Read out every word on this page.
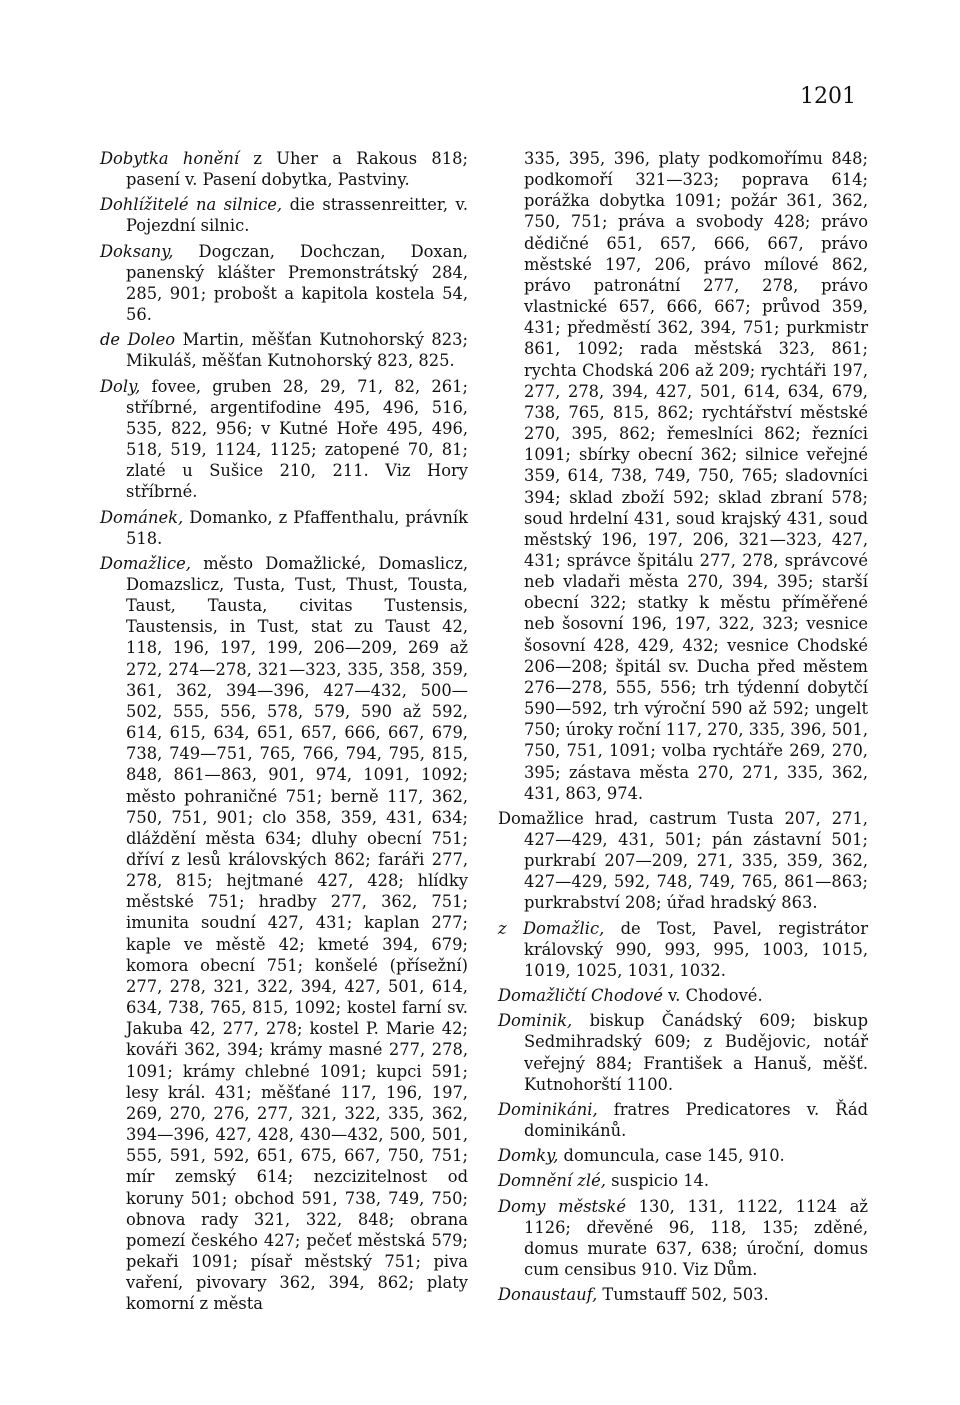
1201

Dobytka honění z Uher a Rakous 818; pasení v. Pasení dobytka, Pastviny.

Dohlížitelé na silnice, die strassenreitter, v. Pojezdní silnic.

Doksany, Dogczan, Dochczan, Doxan, panenský klášter Premonstrátský 284, 285, 901; probošt a kapitola kostela 54, 56.

de Doleo Martin, měšťan Kutnohorský 823; Mikuláš, měšťan Kutnohorský 823, 825.

Doly, fovee, gruben 28, 29, 71, 82, 261; stříbrné, argentifodine 495, 496, 516, 535, 822, 956; v Kutné Hoře 495, 496, 518, 519, 1124, 1125; zatopené 70, 81; zlaté u Sušice 210, 211. Viz Hory stříbrné.

Dománek, Domanko, z Pfaffenthalu, právník 518.

Domažlice, město Domažlické, Domaslicz, Domazslicz, Tusta, Tust, Thust, Tousta, Taust, Tausta, civitas Tustensis, Taustensis, in Tust, stat zu Taust 42, 118, 196, 197, 199, 206—209, 269 až 272, 274—278, 321—323, 335, 358, 359, 361, 362, 394—396, 427—432, 500—502, 555, 556, 578, 579, 590 až 592, 614, 615, 634, 651, 657, 666, 667, 679, 738, 749—751, 765, 766, 794, 795, 815, 848, 861—863, 901, 974, 1091, 1092; město pohraničné 751; berně 117, 362, 750, 751, 901; clo 358, 359, 431, 634; dláždění města 634; dluhy obecní 751; dříví z lesů královských 862; faráři 277, 278, 815; hejtmané 427, 428; hlídky městské 751; hradby 277, 362, 751; imunita soudní 427, 431; kaplan 277; kaple ve městě 42; kmeté 394, 679; komora obecní 751; konšelé (přísežní) 277, 278, 321, 322, 394, 427, 501, 614, 634, 738, 765, 815, 1092; kostel farní sv. Jakuba 42, 277, 278; kostel P. Marie 42; kováři 362, 394; krámy masné 277, 278, 1091; krámy chlebné 1091; kupci 591; lesy král. 431; měšťané 117, 196, 197, 269, 270, 276, 277, 321, 322, 335, 362, 394—396, 427, 428, 430—432, 500, 501, 555, 591, 592, 651, 675, 667, 750, 751; mír zemský 614; nezcizitelnost od koruny 501; obchod 591, 738, 749, 750; obnova rady 321, 322, 848; obrana pomezí českého 427; pečeť městská 579; pekaři 1091; písař městský 751; piva vaření, pivovary 362, 394, 862; platy komorní z města

335, 395, 396, platy podkomořímu 848; podkomoří 321—323; poprava 614; porážka dobytka 1091; požár 361, 362, 750, 751; práva a svobody 428; právo dědičné 651, 657, 666, 667, právo městské 197, 206, právo mílové 862, právo patronátní 277, 278, právo vlastnické 657, 666, 667; průvod 359, 431; předměstí 362, 394, 751; purkmistr 861, 1092; rada městská 323, 861; rychta Chodská 206 až 209; rychtáři 197, 277, 278, 394, 427, 501, 614, 634, 679, 738, 765, 815, 862; rychtářství městské 270, 395, 862; řemeslníci 862; řezníci 1091; sbírky obecní 362; silnice veřejné 359, 614, 738, 749, 750, 765; sladovníci 394; sklad zboží 592; sklad zbraní 578; soud hrdelní 431, soud krajský 431, soud městský 196, 197, 206, 321—323, 427, 431; správce špitálu 277, 278, správcové neb vladaři města 270, 394, 395; starší obecní 322; statky k městu příměřené neb šosovní 196, 197, 322, 323; vesnice šosovní 428, 429, 432; vesnice Chodské 206—208; špitál sv. Ducha před městem 276—278, 555, 556; trh týdenní dobytčí 590—592, trh výroční 590 až 592; ungelt 750; úroky roční 117, 270, 335, 396, 501, 750, 751, 1091; volba rychtáře 269, 270, 395; zástava města 270, 271, 335, 362, 431, 863, 974.

Domažlice hrad, castrum Tusta 207, 271, 427—429, 431, 501; pán zástavní 501; purkrabí 207—209, 271, 335, 359, 362, 427—429, 592, 748, 749, 765, 861—863; purkrabství 208; úřad hradský 863.

z Domažlic, de Tost, Pavel, registrátor královský 990, 993, 995, 1003, 1015, 1019, 1025, 1031, 1032.

Domažličtí Chodové v. Chodové.

Dominik, biskup Čanádský 609; biskup Sedmihradský 609; z Budějovic, notář veřejný 884; František a Hanuš, měšť. Kutnohorští 1100.

Dominikáni, fratres Predicatores v. Řád dominikánů.

Domky, domuncula, case 145, 910.

Domnění zlé, suspicio 14.

Domy městské 130, 131, 1122, 1124 až 1126; dřevěné 96, 118, 135; zděné, domus murate 637, 638; úroční, domus cum censibus 910. Viz Dům.

Donaustauf, Tumstauff 502, 503.
